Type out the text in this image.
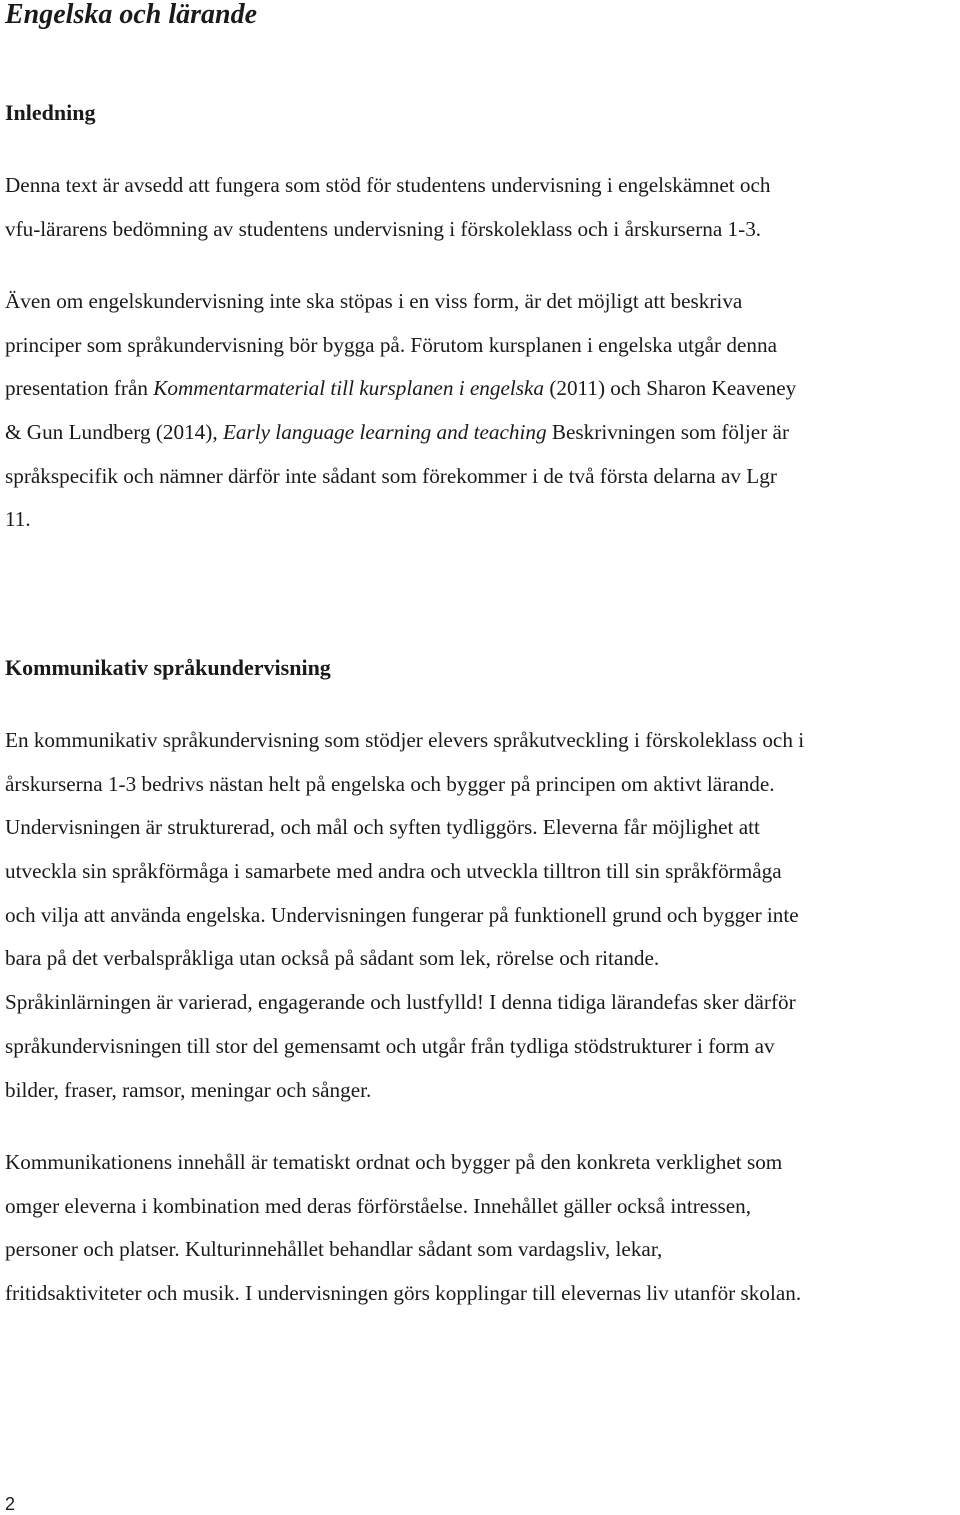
Engelska och lärande
Inledning

Denna text är avsedd att fungera som stöd för studentens undervisning i engelskämnet och
vfu-lärarens bedömning av studentens undervisning i förskoleklass och i årskurserna 1-3.

Även om engelskundervisning inte ska stöpas i en viss form, är det möjligt att beskriva
principer som språkundervisning bör bygga på. Förutom kursplanen i engelska utgår denna
presentation från Kommentarmaterial till kursplanen i engelska (2011) och Sharon Keaveney
& Gun Lundberg (2014), Early language learning and teaching Beskrivningen som följer är
språkspecifik och nämner därför inte sådant som förekommer i de två första delarna av Lgr
11.

Kommunikativ språkundervisning

En kommunikativ språkundervisning som stödjer elevers språkutveckling i förskoleklass och i
årskurserna 1-3 bedrivs nästan helt på engelska och bygger på principen om aktivt lärande.
Undervisningen är strukturerad, och mål och syften tydliggörs. Eleverna får möjlighet att
utveckla sin språkförmåga i samarbete med andra och utveckla tilltron till sin språkförmåga
och vilja att använda engelska. Undervisningen fungerar på funktionell grund och bygger inte
bara på det verbalspråkliga utan också på sådant som lek, rörelse och ritande.
Språkinlärningen är varierad, engagerande och lustfylld! I denna tidiga lärandefas sker därför
språkundervisningen till stor del gemensamt och utgår från tydliga stödstrukturer i form av
bilder, fraser, ramsor, meningar och sånger.

Kommunikationens innehåll är tematiskt ordnat och bygger på den konkreta verklighet som
omger eleverna i kombination med deras förförståelse. Innehållet gäller också intressen,
personer och platser. Kulturinnehållet behandlar sådant som vardagsliv, lekar,
fritidsaktiviteter och musik. I undervisningen görs kopplingar till elevernas liv utanför skolan.

2
